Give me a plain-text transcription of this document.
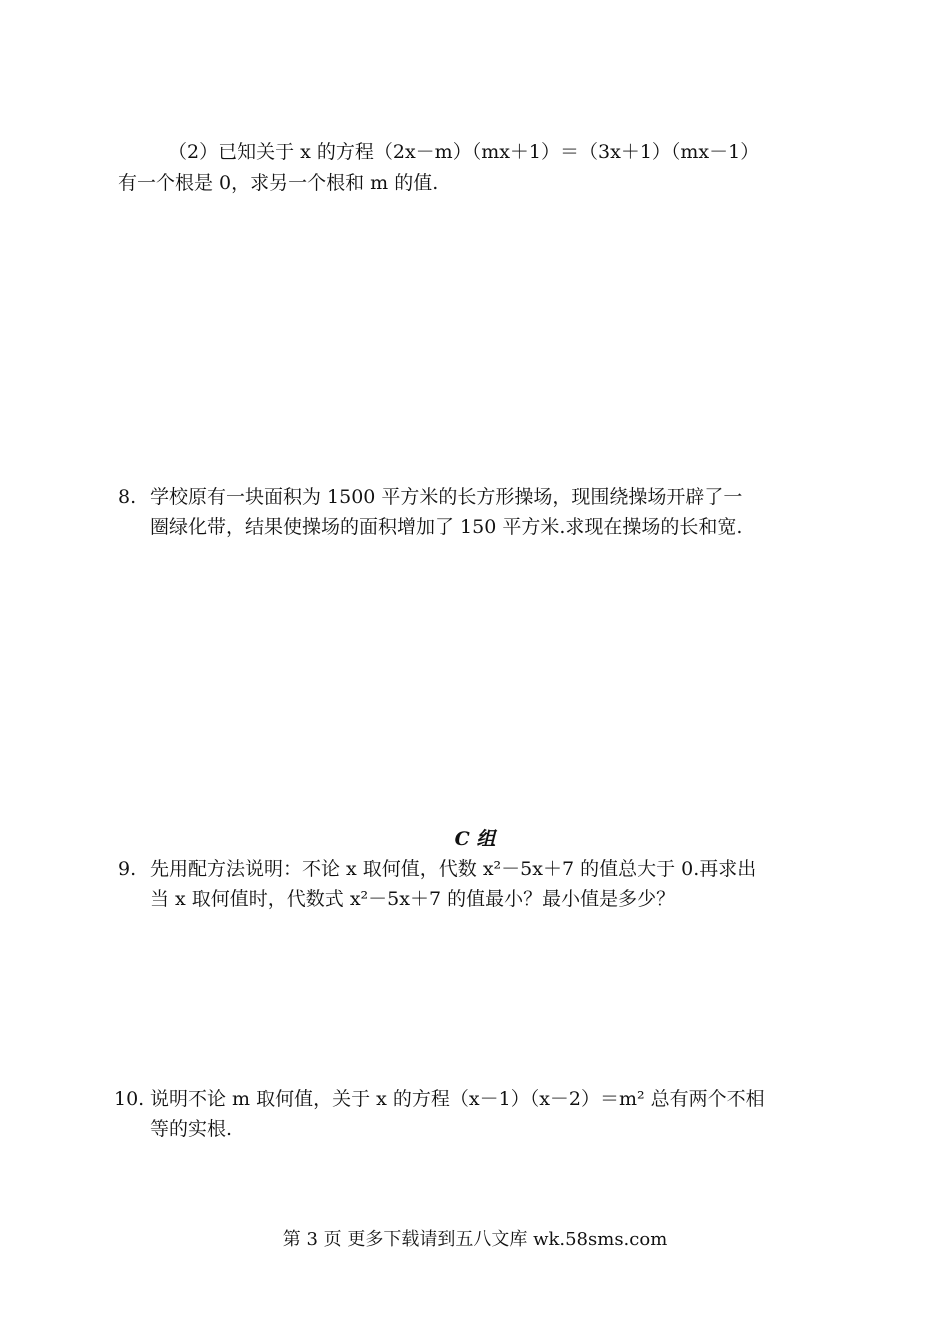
（2）已知关于 x 的方程（2x－m）（mx＋1）＝（3x＋1）（mx－1）
有一个根是 0，求另一个根和 m 的值.
8. 学校原有一块面积为 1500 平方米的长方形操场，现围绕操场开辟了一
圈绿化带，结果使操场的面积增加了 150 平方米.求现在操场的长和宽.
C 组
9. 先用配方法说明：不论 x 取何值，代数 x²－5x＋7 的值总大于 0.再求出
当 x 取何值时，代数式 x²－5x＋7 的值最小？最小值是多少？
10. 说明不论 m 取何值，关于 x 的方程（x－1）（x－2）＝m² 总有两个不相
等的实根.
第 3 页 更多下载请到五八文库 wk.58sms.com
